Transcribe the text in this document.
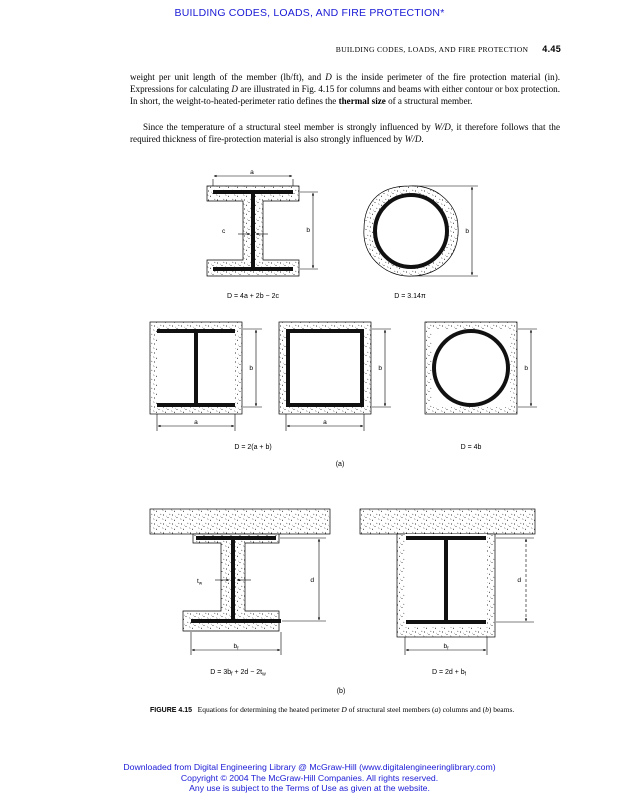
BUILDING CODES, LOADS, AND FIRE PROTECTION*
BUILDING CODES, LOADS, AND FIRE PROTECTION 4.45
weight per unit length of the member (lb/ft), and D is the inside perimeter of the fire protection material (in). Expressions for calculating D are illustrated in Fig. 4.15 for columns and beams with either contour or box protection. In short, the weight-to-heated-perimeter ratio defines the thermal size of a structural member.
Since the temperature of a structural steel member is strongly influenced by W/D, it therefore follows that the required thickness of fire-protection material is also strongly influenced by W/D.
a
b
c
D = 4a + 2b − 2c
b
D = 3.14π
a
b
a
b	b
D = 2(a + b)	D = 4b
(a)
d
$t_w$
$b_f$
$D = 3b_f + 2d - 2t_w$
d
$b_f$
$D = 2d + b_f$
(b)
FIGURE 4.15 Equations for determining the heated perimeter D of structural steel members (a) columns and (b) beams.
Downloaded from Digital Engineering Library @ McGraw-Hill (www.digitalengineeringlibrary.com)
Copyright © 2004 The McGraw-Hill Companies. All rights reserved.
Any use is subject to the Terms of Use as given at the website.
